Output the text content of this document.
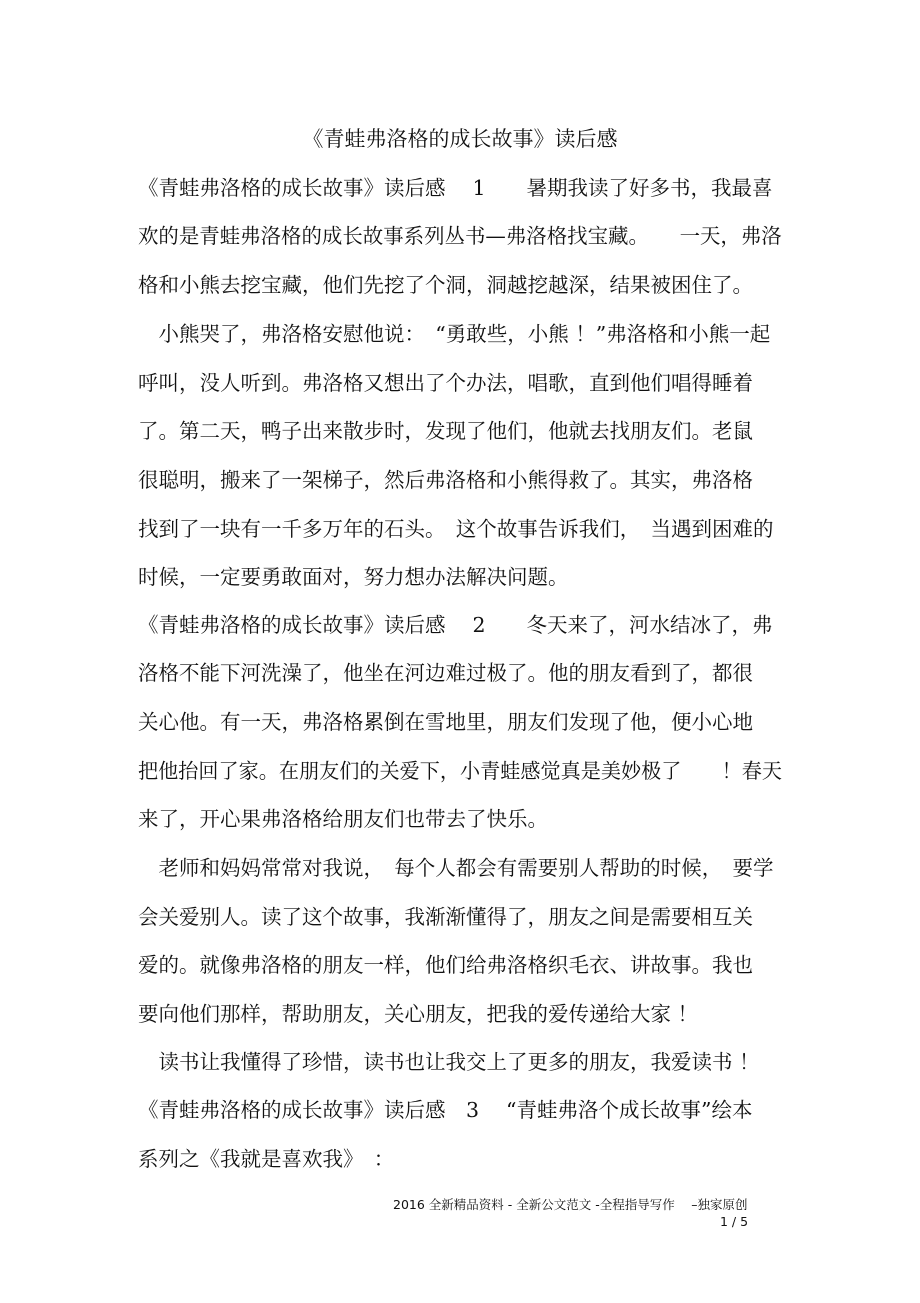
《青蛙弗洛格的成长故事》读后感
《青蛙弗洛格的成长故事》读后感　 1　　暑期我读了好多书，我最喜
欢的是青蛙弗洛格的成长故事系列丛书—弗洛格找宝藏。　　一天，弗洛
格和小熊去挖宝藏，他们先挖了个洞，洞越挖越深，结果被困住了。
　小熊哭了，弗洛格安慰他说：　“勇敢些，小熊 ！”弗洛格和小熊一起
呼叫，没人听到。弗洛格又想出了个办法，唱歌，直到他们唱得睡着
了。第二天，鸭子出来散步时，发现了他们，他就去找朋友们。老鼠
很聪明，搬来了一架梯子，然后弗洛格和小熊得救了。其实，弗洛格
找到了一块有一千多万年的石头。　这个故事告诉我们，　当遇到困难的
时候，一定要勇敢面对，努力想办法解决问题。
《青蛙弗洛格的成长故事》读后感　 2　　冬天来了，河水结冰了，弗
洛格不能下河洗澡了，他坐在河边难过极了。他的朋友看到了，都很
关心他。有一天，弗洛格累倒在雪地里，朋友们发现了他，便小心地
把他抬回了家。在朋友们的关爱下，小青蛙感觉真是美妙极了　　！春天
来了，开心果弗洛格给朋友们也带去了快乐。
　老师和妈妈常常对我说，　每个人都会有需要别人帮助的时候，　要学
会关爱别人。读了这个故事，我渐渐懂得了，朋友之间是需要相互关
爱的。就像弗洛格的朋友一样，他们给弗洛格织毛衣、讲故事。我也
要向他们那样，帮助朋友，关心朋友，把我的爱传递给大家 ！
　读书让我懂得了珍惜，读书也让我交上了更多的朋友，我爱读书 ！
《青蛙弗洛格的成长故事》读后感　3　 “青蛙弗洛个成长故事”绘本
系列之《我就是喜欢我》　：
2016 全新精品资料 - 全新公文范文 -全程指导写作　 –独家原创
1 / 5
